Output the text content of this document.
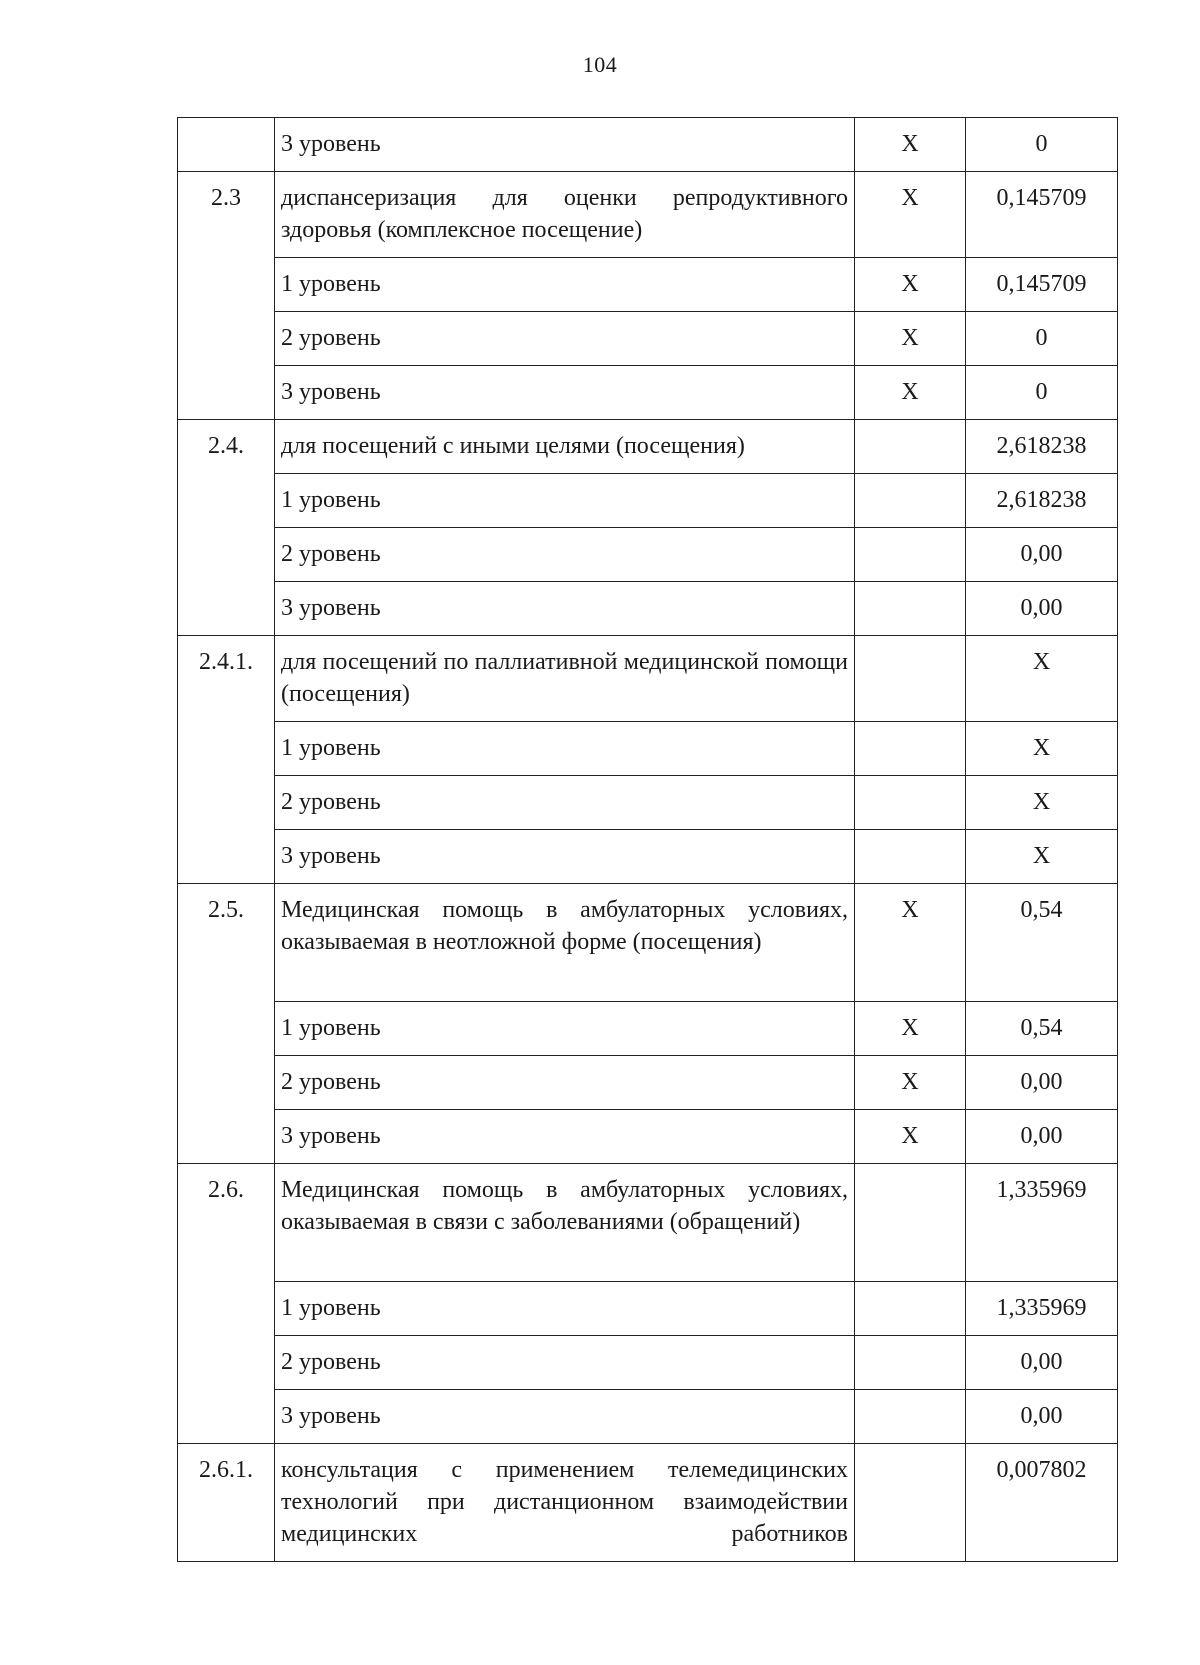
104
	3 уровень	X	0
2.3	диспансеризация для оценки репродуктивного здоровья (комплексное посещение)	X	0,145709
	1 уровень	X	0,145709
	2 уровень	X	0
	3 уровень	X	0
2.4.	для посещений с иными целями (посещения)		2,618238
	1 уровень		2,618238
	2 уровень		0,00
	3 уровень		0,00
2.4.1.	для посещений по паллиативной медицинской помощи (посещения)		X
	1 уровень		X
	2 уровень		X
	3 уровень		X
2.5.	Медицинская помощь в амбулаторных условиях, оказываемая в неотложной форме (посещения)	X	0,54
	1 уровень	X	0,54
	2 уровень	X	0,00
	3 уровень	X	0,00
2.6.	Медицинская помощь в амбулаторных условиях, оказываемая в связи с заболеваниями (обращений)		1,335969
	1 уровень		1,335969
	2 уровень		0,00
	3 уровень		0,00
2.6.1.	консультация с применением телемедицинских технологий при дистанционном взаимодействии медицинских работников		0,007802
